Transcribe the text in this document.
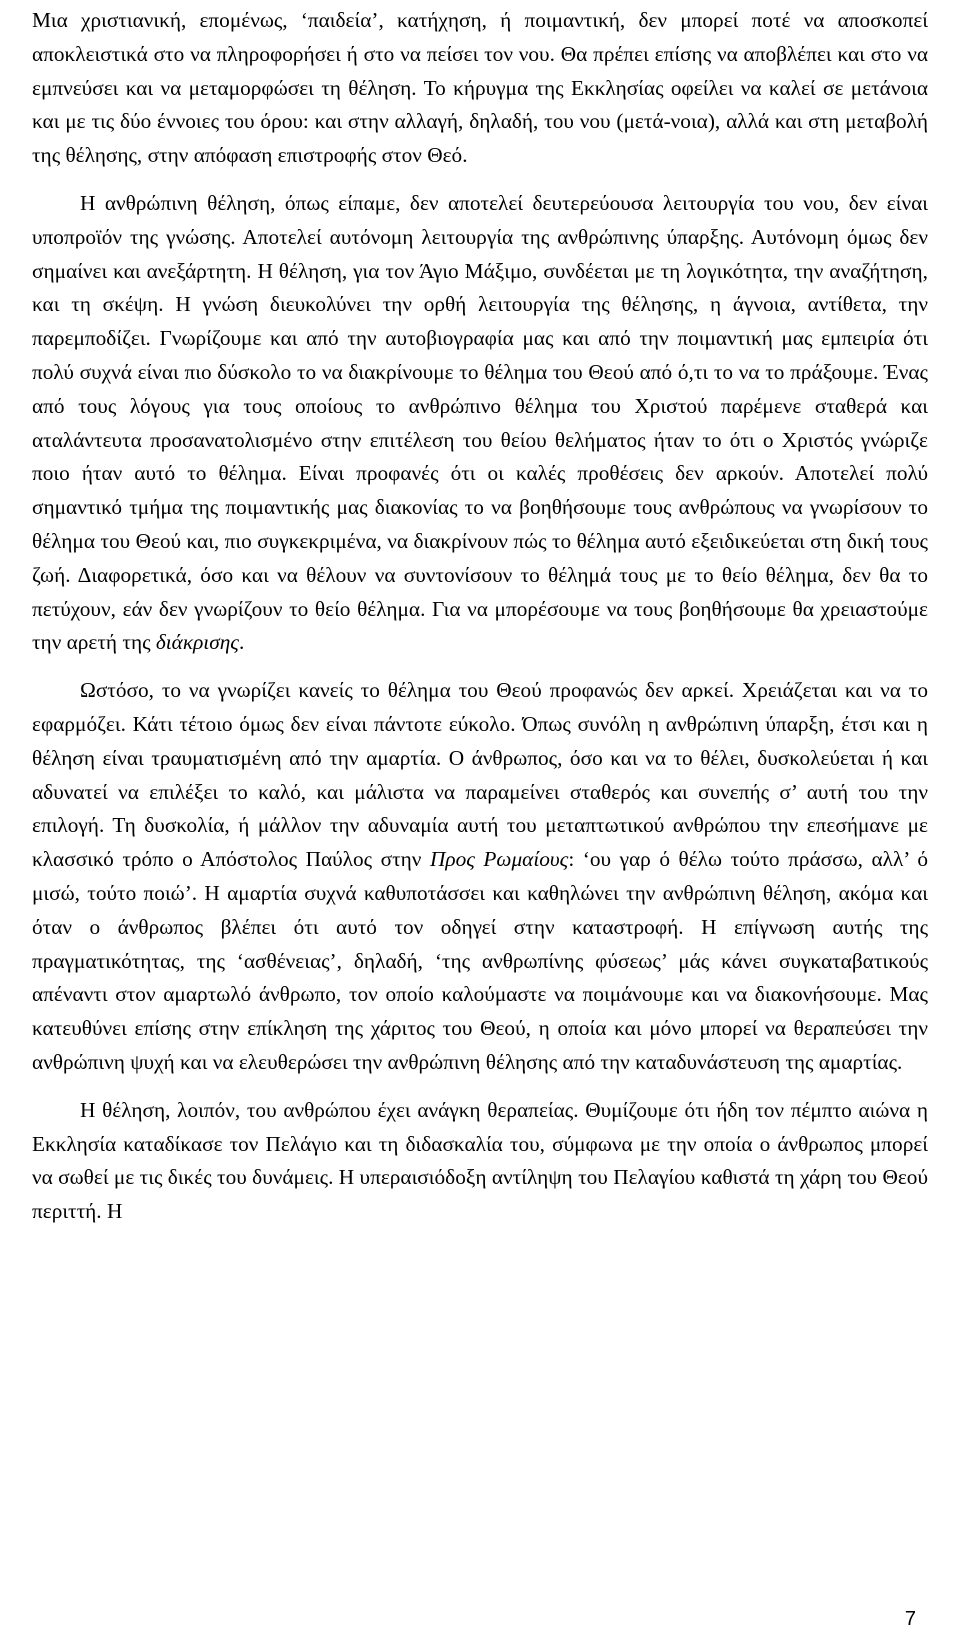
Μια χριστιανική, επομένως, ‘παιδεία’, κατήχηση, ή ποιμαντική, δεν μπορεί ποτέ να αποσκοπεί αποκλειστικά στο να πληροφορήσει ή στο να πείσει τον νου. Θα πρέπει επίσης να αποβλέπει και στο να εμπνεύσει και να μεταμορφώσει τη θέληση. Το κήρυγμα της Εκκλησίας οφείλει να καλεί σε μετάνοια και με τις δύο έννοιες του όρου: και στην αλλαγή, δηλαδή, του νου (μετά-νοια), αλλά και στη μεταβολή της θέλησης, στην απόφαση επιστροφής στον Θεό.

Η ανθρώπινη θέληση, όπως είπαμε, δεν αποτελεί δευτερεύουσα λειτουργία του νου, δεν είναι υποπροϊόν της γνώσης. Αποτελεί αυτόνομη λειτουργία της ανθρώπινης ύπαρξης. Αυτόνομη όμως δεν σημαίνει και ανεξάρτητη. Η θέληση, για τον Άγιο Μάξιμο, συνδέεται με τη λογικότητα, την αναζήτηση, και τη σκέψη. Η γνώση διευκολύνει την ορθή λειτουργία της θέλησης, η άγνοια, αντίθετα, την παρεμποδίζει. Γνωρίζουμε και από την αυτοβιογραφία μας και από την ποιμαντική μας εμπειρία ότι πολύ συχνά είναι πιο δύσκολο το να διακρίνουμε το θέλημα του Θεού από ό,τι το να το πράξουμε. Ένας από τους λόγους για τους οποίους το ανθρώπινο θέλημα του Χριστού παρέμενε σταθερά και αταλάντευτα προσανατολισμένο στην επιτέλεση του θείου θελήματος ήταν το ότι ο Χριστός γνώριζε ποιο ήταν αυτό το θέλημα. Είναι προφανές ότι οι καλές προθέσεις δεν αρκούν. Αποτελεί πολύ σημαντικό τμήμα της ποιμαντικής μας διακονίας το να βοηθήσουμε τους ανθρώπους να γνωρίσουν το θέλημα του Θεού και, πιο συγκεκριμένα, να διακρίνουν πώς το θέλημα αυτό εξειδικεύεται στη δική τους ζωή. Διαφορετικά, όσο και να θέλουν να συντονίσουν το θέλημά τους με το θείο θέλημα, δεν θα το πετύχουν, εάν δεν γνωρίζουν το θείο θέλημα. Για να μπορέσουμε να τους βοηθήσουμε θα χρειαστούμε την αρετή της διάκρισης.

Ωστόσο, το να γνωρίζει κανείς το θέλημα του Θεού προφανώς δεν αρκεί. Χρειάζεται και να το εφαρμόζει. Κάτι τέτοιο όμως δεν είναι πάντοτε εύκολο. Όπως συνόλη η ανθρώπινη ύπαρξη, έτσι και η θέληση είναι τραυματισμένη από την αμαρτία. Ο άνθρωπος, όσο και να το θέλει, δυσκολεύεται ή και αδυνατεί να επιλέξει το καλό, και μάλιστα να παραμείνει σταθερός και συνεπής σ’ αυτή του την επιλογή. Τη δυσκολία, ή μάλλον την αδυναμία αυτή του μεταπτωτικού ανθρώπου την επεσήμανε με κλασσικό τρόπο ο Απόστολος Παύλος στην Προς Ρωμαίους: ‘ου γαρ ό θέλω τούτο πράσσω, αλλ’ ό μισώ, τούτο ποιώ’. Η αμαρτία συχνά καθυποτάσσει και καθηλώνει την ανθρώπινη θέληση, ακόμα και όταν ο άνθρωπος βλέπει ότι αυτό τον οδηγεί στην καταστροφή. Η επίγνωση αυτής της πραγματικότητας, της ‘ασθένειας’, δηλαδή, ‘της ανθρωπίνης φύσεως’ μάς κάνει συγκαταβατικούς απέναντι στον αμαρτωλό άνθρωπο, τον οποίο καλούμαστε να ποιμάνουμε και να διακονήσουμε. Μας κατευθύνει επίσης στην επίκληση της χάριτος του Θεού, η οποία και μόνο μπορεί να θεραπεύσει την ανθρώπινη ψυχή και να ελευθερώσει την ανθρώπινη θέλησης από την καταδυνάστευση της αμαρτίας.

Η θέληση, λοιπόν, του ανθρώπου έχει ανάγκη θεραπείας. Θυμίζουμε ότι ήδη τον πέμπτο αιώνα η Εκκλησία καταδίκασε τον Πελάγιο και τη διδασκαλία του, σύμφωνα με την οποία ο άνθρωπος μπορεί να σωθεί με τις δικές του δυνάμεις. Η υπεραισιόδοξη αντίληψη του Πελαγίου καθιστά τη χάρη του Θεού περιττή. Η

7
